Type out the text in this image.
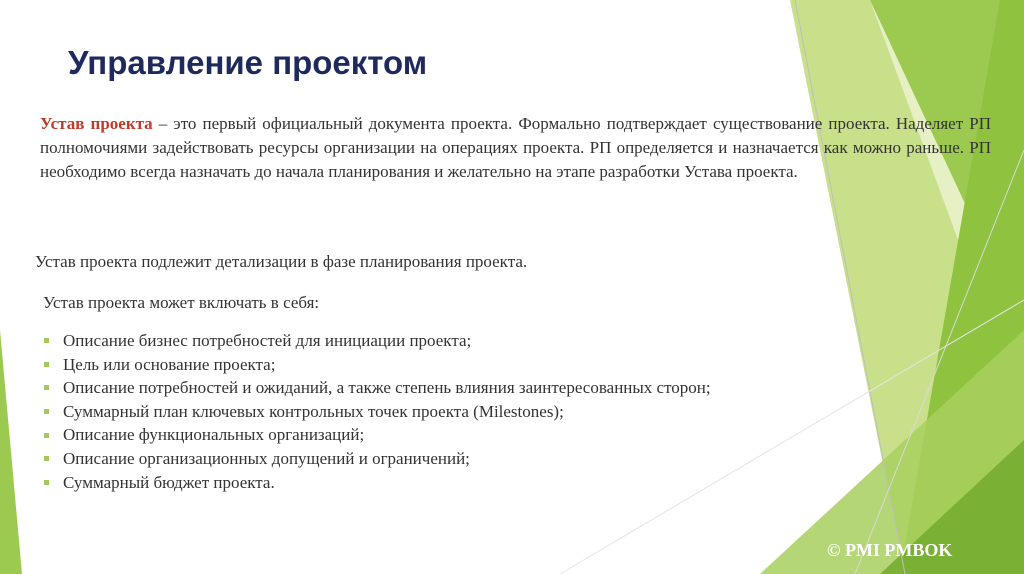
Управление проектом

Устав проекта – это первый официальный документа проекта. Формально подтверждает существование проекта. Наделяет РП полномочиями задействовать ресурсы организации на операциях проекта. РП определяется и назначается как можно раньше. РП необходимо всегда назначать до начала планирования и желательно на этапе разработки Устава проекта.

Устав проекта подлежит детализации в фазе планирования проекта.

Устав проекта может включать в себя:

Описание бизнес потребностей для инициации проекта;
Цель или основание проекта;
Описание потребностей и ожиданий, а также степень влияния заинтересованных сторон;
Суммарный план ключевых контрольных точек проекта (Milestones);
Описание функциональных организаций;
Описание организационных допущений и ограничений;
Суммарный бюджет проекта.
© PMI PMBOK
